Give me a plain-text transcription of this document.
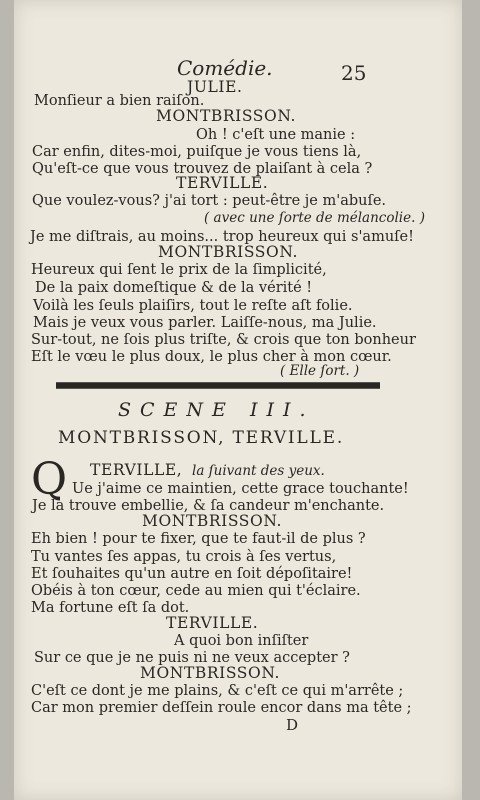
Comédie.	25
JULIE.
Monſieur a bien raiſon.
MONTBRISSON.
Oh ! c'eſt une manie :
Car enfin, dites-moi, puiſque je vous tiens là,
Qu'eſt-ce que vous trouvez de plaiſant à cela ?
TERVILLE.
Que voulez-vous? j'ai tort : peut-être je m'abuſe.
( avec une ſorte de mélancolie. )
Je me diſtrais, au moins... trop heureux qui s'amuſe!
MONTBRISSON.
Heureux qui ſent le prix de la ſimplicité,
De la paix domeſtique & de la vérité !
Voilà les ſeuls plaiſirs, tout le reſte aſt folie.
Mais je veux vous parler. Laiſſe-nous, ma Julie.
Sur-tout, ne ſois plus triſte, & crois que ton bonheur
Eſt le vœu le plus doux, le plus cher à mon cœur.
( Elle ſort. )
SCENE III.
MONTBRISSON, TERVILLE.
Q TERVILLE, la ſuivant des yeux.
Ue j'aime ce maintien, cette grace touchante!
Je la trouve embellie, & ſa candeur m'enchante.
MONTBRISSON.
Eh bien ! pour te fixer, que te faut-il de plus ?
Tu vantes ſes appas, tu crois à ſes vertus,
Et ſouhaites qu'un autre en ſoit dépoſitaire!
Obéis à ton cœur, cede au mien qui t'éclaire.
Ma fortune eſt ſa dot.
TERVILLE.
A quoi bon inſiſter
Sur ce que je ne puis ni ne veux accepter ?
MONTBRISSON.
C'eſt ce dont je me plains, & c'eſt ce qui m'arrête ;
Car mon premier deſſein roule encor dans ma tête ;
D
